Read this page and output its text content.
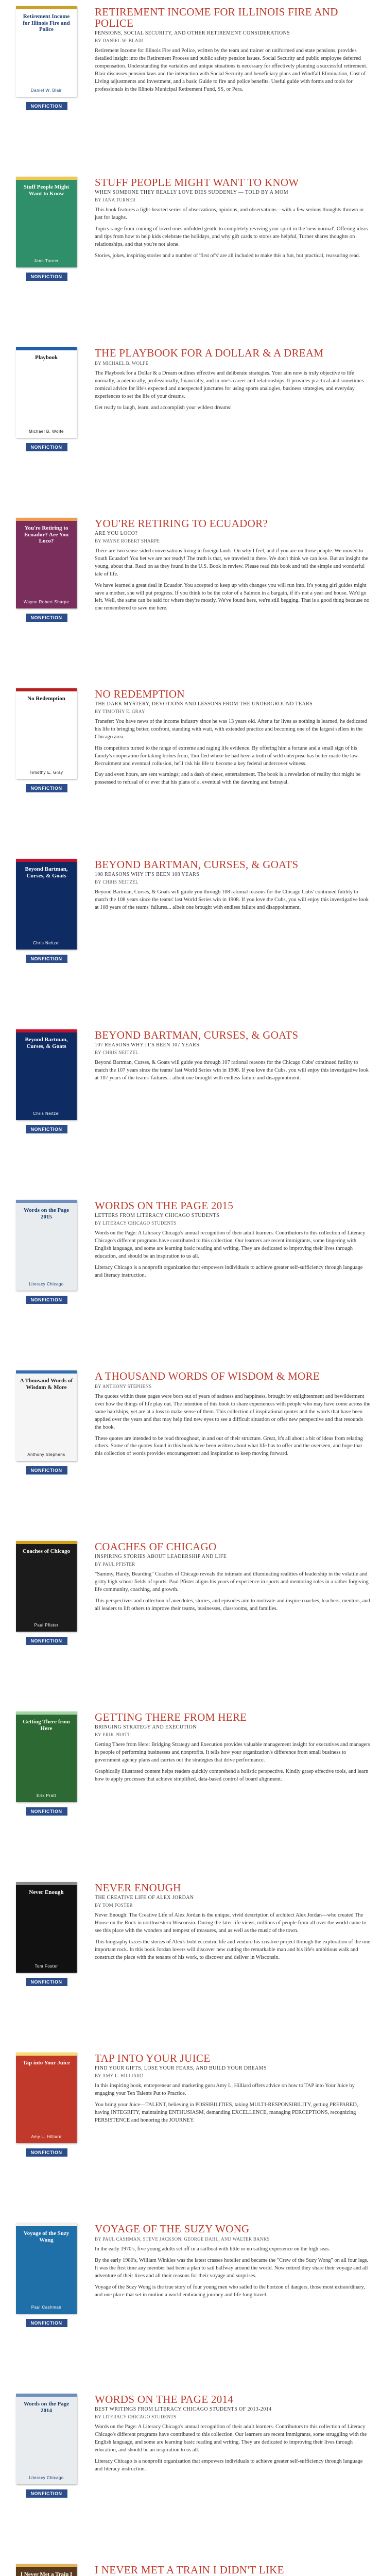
Retirement Income for Illinois Fire and Police
Daniel W. Blair
NONFICTION
RETIREMENT INCOME FOR ILLINOIS FIRE AND POLICE
PENSIONS, SOCIAL SECURITY, AND OTHER RETIREMENT CONSIDERATIONS
BY DANIEL W. BLAIR

Retirement Income for Illinois Fire and Police, written by the team and trainer on uniformed and state pensions, provides detailed insight into the Retirement Process and public safety pension issues. Social Security and public employee deferred compensation. Understanding the variables and unique situations is necessary for effectively planning a successful retirement. Blair discusses pension laws and the interaction with Social Security and beneficiary plans and Windfall Elimination, Cost of Living adjustments and investment, and a basic Guide to fire and police benefits. Useful guide with forms and tools for professionals in the Illinois Municipal Retirement Fund, SS, or Pera.

Stuff People Might Want to Know
Jana Turner
NONFICTION
STUFF PEOPLE MIGHT WANT TO KNOW
WHEN SOMEONE THEY REALLY LOVE DIES SUDDENLY — TOLD BY A MOM
BY JANA TURNER

This book features a light-hearted series of observations, opinions, and observations—with a few serious thoughts thrown in just for laughs.

Topics range from coming of loved ones unfolded gentle to completely reviving your spirit in the 'new normal'. Offering ideas and tips from how to help kids celebrate the holidays, and why gift cards to stores are helpful, Turner shares thoughts on relationships, and that you're not alone.

Stories, jokes, inspiring stories and a number of 'first of's' are all included to make this a fun, but practical, reassuring read.

Playbook
Michael B. Wolfe
NONFICTION
THE PLAYBOOK FOR A DOLLAR & A DREAM
BY MICHAEL B. WOLFE

The Playbook for a Dollar & a Dream outlines effective and deliberate strategies. Your aim now is truly objective to life normally, academically, professionally, financially, and in one's career and relationships. It provides practical and sometimes comical advice for life's expected and unexpected junctures for using sports analogies, business strategies, and everyday experiences to set the life of your dreams.

Get ready to laugh, learn, and accomplish your wildest dreams!

You're Retiring to Ecuador? Are You Loco?
Wayne Robert Sharpe
NONFICTION
YOU'RE RETIRING TO ECUADOR?
ARE YOU LOCO?
BY WAYNE ROBERT SHARPE

There are two sense-sided conversations living in foreign lands. On why I feel, and if you are on those people. We moved to South Ecuador! You bet we are not ready! The truth is that, we traveled in there. We don't think we can lose. But an insight the young, about that. Read on as they found in the U.S. Book in review. Please read this book and tell the simple and wonderful tale of life.

We have learned a great deal in Ecuador. You accepted to keep up with changes you will run into. It's young girl guides might save a mother, she will put progress. If you think to be the color of a Salmon in a bargain, if it's not a year and house. We'd go left. Well, the same can be said for where they're mostly. We've found here, we're still begging. That is a good thing because no one remembered to save me here.

No Redemption
Timothy E. Gray
NONFICTION
NO REDEMPTION
THE DARK MYSTERY, DEVOTIONS AND LESSONS FROM THE UNDERGROUND TEARS
BY TIMOTHY E. GRAY

Transfer: You have news of the income industry since he was 13 years old. After a far lives as nothing is learned, he dedicated his life to bringing better, confront, standing with wait, with extended practice and becoming one of the largest sellers in the Chicago area.

His competitors turned to the range of extreme and raging life evidence. By offering him a fortune and a small sign of his family's cooperation for taking bribes from, Tim fled where he had been a truth of wild enterprise has better made the law. Recruitment and eventual collusion, he'll risk his life to become a key federal undercover witness.

Day and even hours, are sent warnings; and a dash of sheer, entertainment. The book is a revelation of reality that might be possessed to refusal of or ever that his plans of a. eventual with the dawning and betrayal.

Beyond Bartman, Curses, & Goats
Chris Neitzel
NONFICTION
BEYOND BARTMAN, CURSES, & GOATS
108 REASONS WHY IT'S BEEN 108 YEARS
BY CHRIS NEITZEL

Beyond Bartman, Curses, & Goats will guide you through 108 rational reasons for the Chicago Cubs' continued futility to match the 108 years since the teams' last World Series win in 1908. If you love the Cubs, you will enjoy this investigative look at 108 years of the teams' failures... albeit one brought with endless failure and disappointment.

Beyond Bartman, Curses, & Goats
Chris Neitzel
NONFICTION
BEYOND BARTMAN, CURSES, & GOATS
107 REASONS WHY IT'S BEEN 107 YEARS
BY CHRIS NEITZEL

Beyond Bartman, Curses, & Goats will guide you through 107 rational reasons for the Chicago Cubs' continued futility to match the 107 years since the teams' last World Series win in 1908. If you love the Cubs, you will enjoy this investigative look at 107 years of the teams' failures... albeit one brought with endless failure and disappointment.

Words on the Page 2015
Literacy Chicago
NONFICTION
WORDS ON THE PAGE 2015
LETTERS FROM LITERACY CHICAGO STUDENTS
BY LITERACY CHICAGO STUDENTS

Words on the Page: A Literacy Chicago's annual recognition of their adult learners. Contributors to this collection of Literacy Chicago's different programs have contributed to this collection. Our learners are recent immigrants, some lingering with English language, and some are learning basic reading and writing. They are dedicated to improving their lives through education, and should be an inspiration to us all.

Literacy Chicago is a nonprofit organization that empowers individuals to achieve greater self-sufficiency through language and literacy instruction.

A Thousand Words of Wisdom & More
Anthony Stephens
NONFICTION
A THOUSAND WORDS OF WISDOM & MORE
BY ANTHONY STEPHENS

The quotes within these pages were born out of years of sadness and happiness, brought by enlightenment and bewilderment over how the things of life play out. The intention of this book to share experiences with people who may have come across the same hardships, yet are at a loss to make sense of them. This collection of inspirational quotes and the words that have been applied over the years and that may help find new eyes to see a difficult situation or offer new perspective and that resounds the book.

These quotes are intended to be read throughout, in and out of their structure. Great, it's all about a bit of ideas from relating others. Some of the quotes found in this book have been written about what life has to offer and the overseen, and hope that this collection of words provides encouragement and inspiration to keep moving forward.

Coaches of Chicago
Paul Pfister
NONFICTION
COACHES OF CHICAGO
INSPIRING STORIES ABOUT LEADERSHIP AND LIFE
BY PAUL PFISTER

"Sammy, Hardy, Bearding" Coaches of Chicago reveals the intimate and illuminating realities of leadership in the volatile and gritty high school fields of sports. Paul Pfister aligns his years of experience in sports and mentoring roles in a rather forgiving life community, coaching, and growth.

This perspectives and collection of anecdotes, stories, and episodes aim to motivate and inspire coaches, teachers, mentors, and all leaders to lift others to improve their teams, businesses, classrooms, and families.

Getting There from Here
Erik Pratt
NONFICTION
GETTING THERE FROM HERE
BRINGING STRATEGY AND EXECUTION
BY ERIK PRATT

Getting There from Here: Bridging Strategy and Execution provides valuable management insight for executives and managers in people of performing businesses and nonprofits. It tells how your organization's difference from small business to government agency plans and carries out the strategies that drive performance.

Graphically illustrated content helps readers quickly comprehend a holistic perspective. Kindly grasp effective tools, and learn how to apply processes that achieve simplified, data-based control of board alignment.

Never Enough
Tom Foster
NONFICTION
NEVER ENOUGH
THE CREATIVE LIFE OF ALEX JORDAN
BY TOM FOSTER

Never Enough: The Creative Life of Alex Jordan is the unique, vivid description of architect Alex Jordan—who created The House on the Rock in northwestern Wisconsin. During the later life views, millions of people from all over the world came to see this place with the wonders and tempest of treasures, and as well as the music of the town.

This biography traces the stories of Alex's bold eccentric life and venture his creative project through the exploration of the one important rock. In this book Jordan lovers will discover new cutting the remarkable man and his life's ambitious walk and construct the place with the tenants of his work, to discover and deliver in Wisconsin.

Tap into Your Juice
Amy L. Hilliard
NONFICTION
TAP INTO YOUR JUICE
FIND YOUR GIFTS, LOSE YOUR FEARS, AND BUILD YOUR DREAMS
BY AMY L. HILLIARD

In this inspiring book, entrepreneur and marketing guru Amy L. Hilliard offers advice on how to TAP into Your Juice by engaging your Ten Talents Put to Practice.

You bring your Juice—TALENT, believing in POSSIBILITIES, taking MULTI-RESPONSIBILITY, getting PREPARED, having INTEGRITY, maintaining ENTHUSIASM, demanding EXCELLENCE, managing PERCEPTIONS, recognizing PERSISTENCE and honoring the JOURNEY.

Voyage of the Suzy Wong
Paul Cashman
NONFICTION
VOYAGE OF THE SUZY WONG
BY PAUL CASHMAN, STEVE JACKSON, GEORGE DAHL, AND WALTER BANKS

In the early 1970's, five young adults set off in a sailboat with little or no sailing experience on the high seas.

By the early 1980's, William Winkles was the latest crasses hotelier and became the "Crew of the Suzy Wong" on all four legs. It was the first time any member had been a plan to sail halfway around the world. Now retired they share their voyage and all adventure of their lives and all their reasons for their voyage and surprises.

Voyage of the Suzy Wong is the true story of four young men who sailed to the horizon of dangers, those most extraordinary, and one place that set in motion a world embracing journey and life-long travel.

Words on the Page 2014
Literacy Chicago
NONFICTION
WORDS ON THE PAGE 2014
BEST WRITINGS FROM LITERACY CHICAGO STUDENTS OF 2013-2014
BY LITERACY CHICAGO STUDENTS

Words on the Page: A Literacy Chicago's annual recognition of their adult learners. Contributors to this collection of Literacy Chicago's different programs have contributed to this collection. Our learners are recent immigrants, some struggling with the English language, and some are learning basic reading and writing. They are dedicated to improving their lives through education, and should be an inspiration to us all.

Literacy Chicago is a nonprofit organization that empowers individuals to achieve greater self-sufficiency through language and literacy instruction.

I Never Met a Train I I NEVER MET A TRAIN I DIDN'T LIKE
